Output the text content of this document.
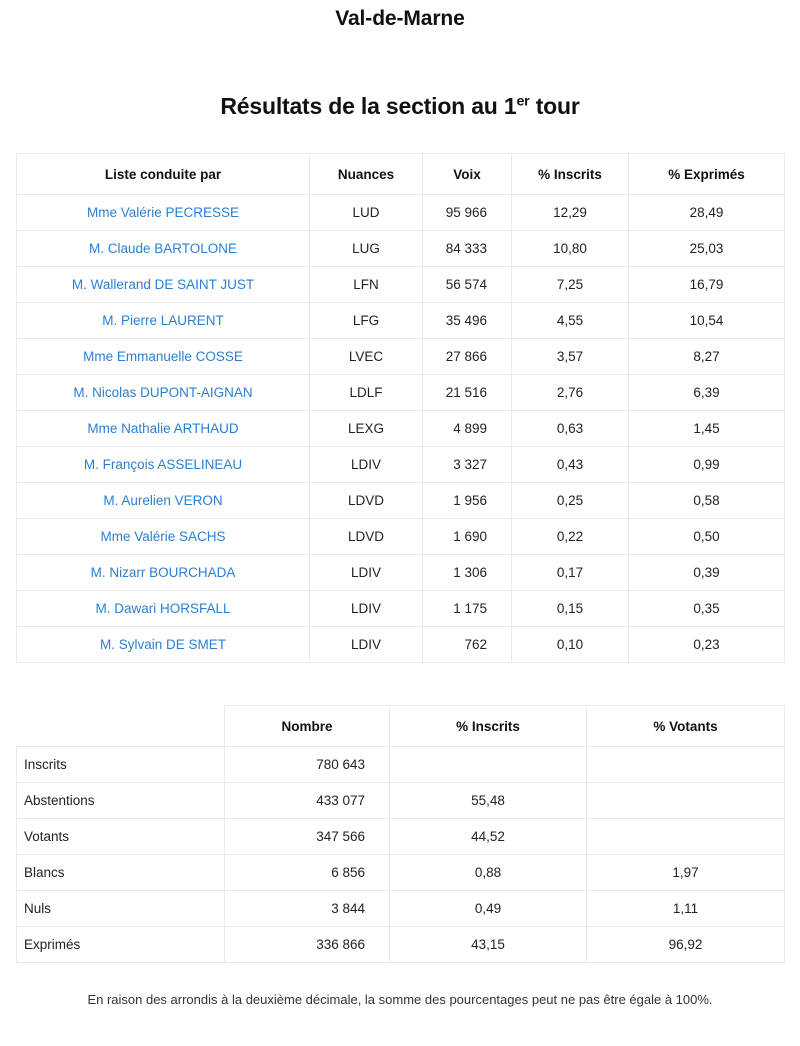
Val-de-Marne
Résultats de la section au 1er tour
Liste conduite par	Nuances	Voix	% Inscrits	% Exprimés
Mme Valérie PECRESSE	LUD	95 966	12,29	28,49
M. Claude BARTOLONE	LUG	84 333	10,80	25,03
M. Wallerand DE SAINT JUST	LFN	56 574	7,25	16,79
M. Pierre LAURENT	LFG	35 496	4,55	10,54
Mme Emmanuelle COSSE	LVEC	27 866	3,57	8,27
M. Nicolas DUPONT-AIGNAN	LDLF	21 516	2,76	6,39
Mme Nathalie ARTHAUD	LEXG	4 899	0,63	1,45
M. François ASSELINEAU	LDIV	3 327	0,43	0,99
M. Aurelien VERON	LDVD	1 956	0,25	0,58
Mme Valérie SACHS	LDVD	1 690	0,22	0,50
M. Nizarr BOURCHADA	LDIV	1 306	0,17	0,39
M. Dawari HORSFALL	LDIV	1 175	0,15	0,35
M. Sylvain DE SMET	LDIV	762	0,10	0,23
	Nombre	% Inscrits	% Votants
Inscrits	780 643		
Abstentions	433 077	55,48	
Votants	347 566	44,52	
Blancs	6 856	0,88	1,97
Nuls	3 844	0,49	1,11
Exprimés	336 866	43,15	96,92

En raison des arrondis à la deuxième décimale, la somme des pourcentages peut ne pas être égale à 100%.
